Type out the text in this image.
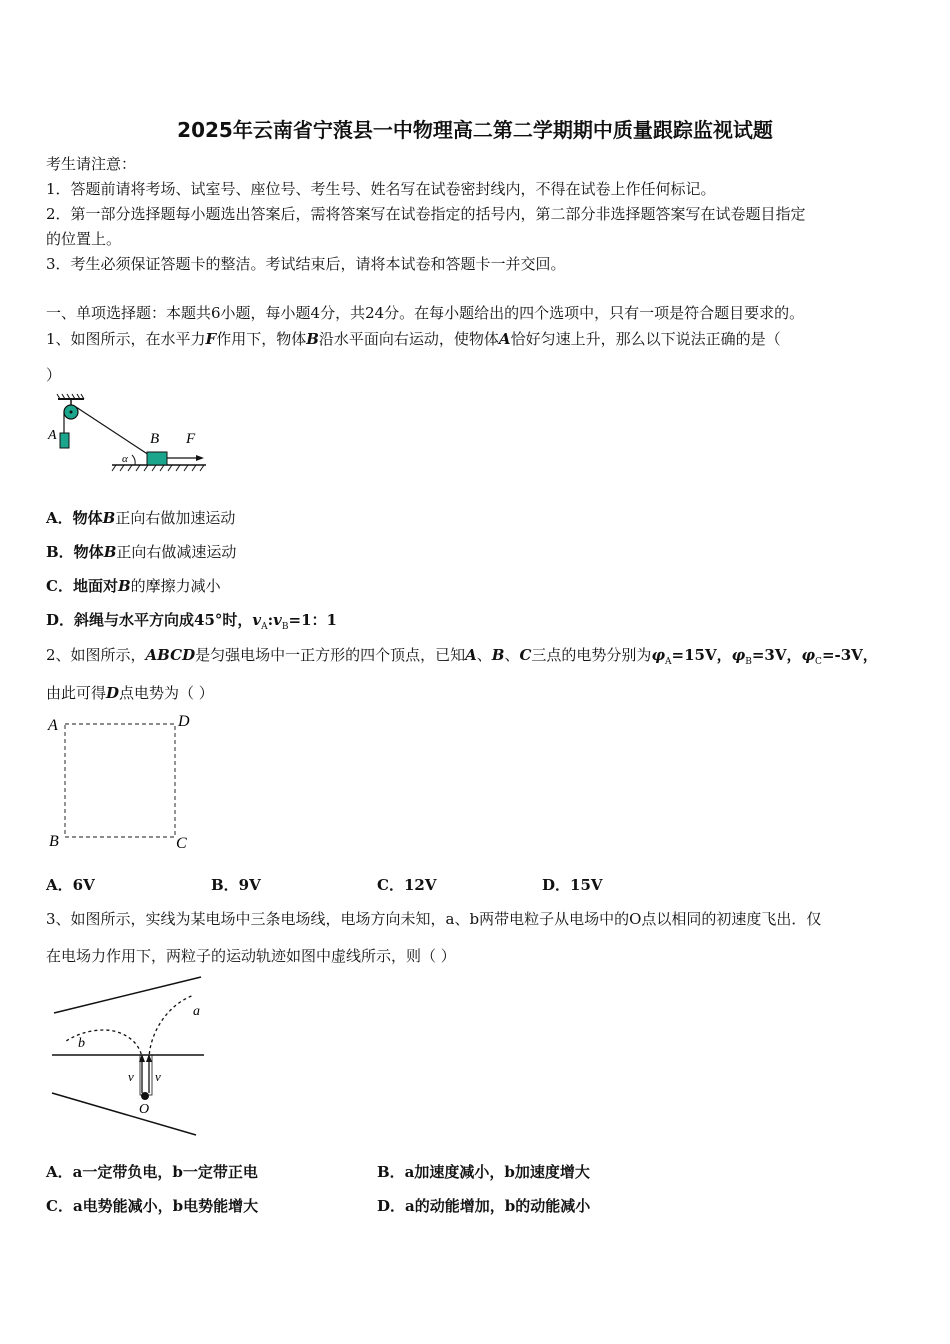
2025年云南省宁蒗县一中物理高二第二学期期中质量跟踪监视试题
考生请注意：
1．答题前请将考场、试室号、座位号、考生号、姓名写在试卷密封线内，不得在试卷上作任何标记。
2．第一部分选择题每小题选出答案后，需将答案写在试卷指定的括号内，第二部分非选择题答案写在试卷题目指定
的位置上。
3．考生必须保证答题卡的整洁。考试结束后，请将本试卷和答题卡一并交回。
一、单项选择题：本题共6小题，每小题4分，共24分。在每小题给出的四个选项中，只有一项是符合题目要求的。
1、如图所示，在水平力F作用下，物体B沿水平面向右运动，使物体A恰好匀速上升，那么以下说法正确的是（
）
A
α
B F
A．物体B正向右做加速运动
B．物体B正向右做减速运动
C．地面对B的摩擦力减小
D．斜绳与水平方向成45°时，$v_A:v_B=1$：1
2、如图所示，ABCD是匀强电场中一正方形的四个顶点，已知A、B、C三点的电势分别为$\varphi_A=15V$，$\varphi_B=3V$，$\varphi_C=-3V$，
由此可得D点电势为（ ）
A	D
B	C
A．6V	B．9V	C．12V	D．15V
3、如图所示，实线为某电场中三条电场线，电场方向未知，a、b两带电粒子从电场中的O点以相同的初速度飞出．仅
在电场力作用下，两粒子的运动轨迹如图中虚线所示，则（ ）
a
b
v v
O
A．a一定带负电，b一定带正电	B．a加速度减小，b加速度增大
C．a电势能减小，b电势能增大	D．a的动能增加，b的动能减小
